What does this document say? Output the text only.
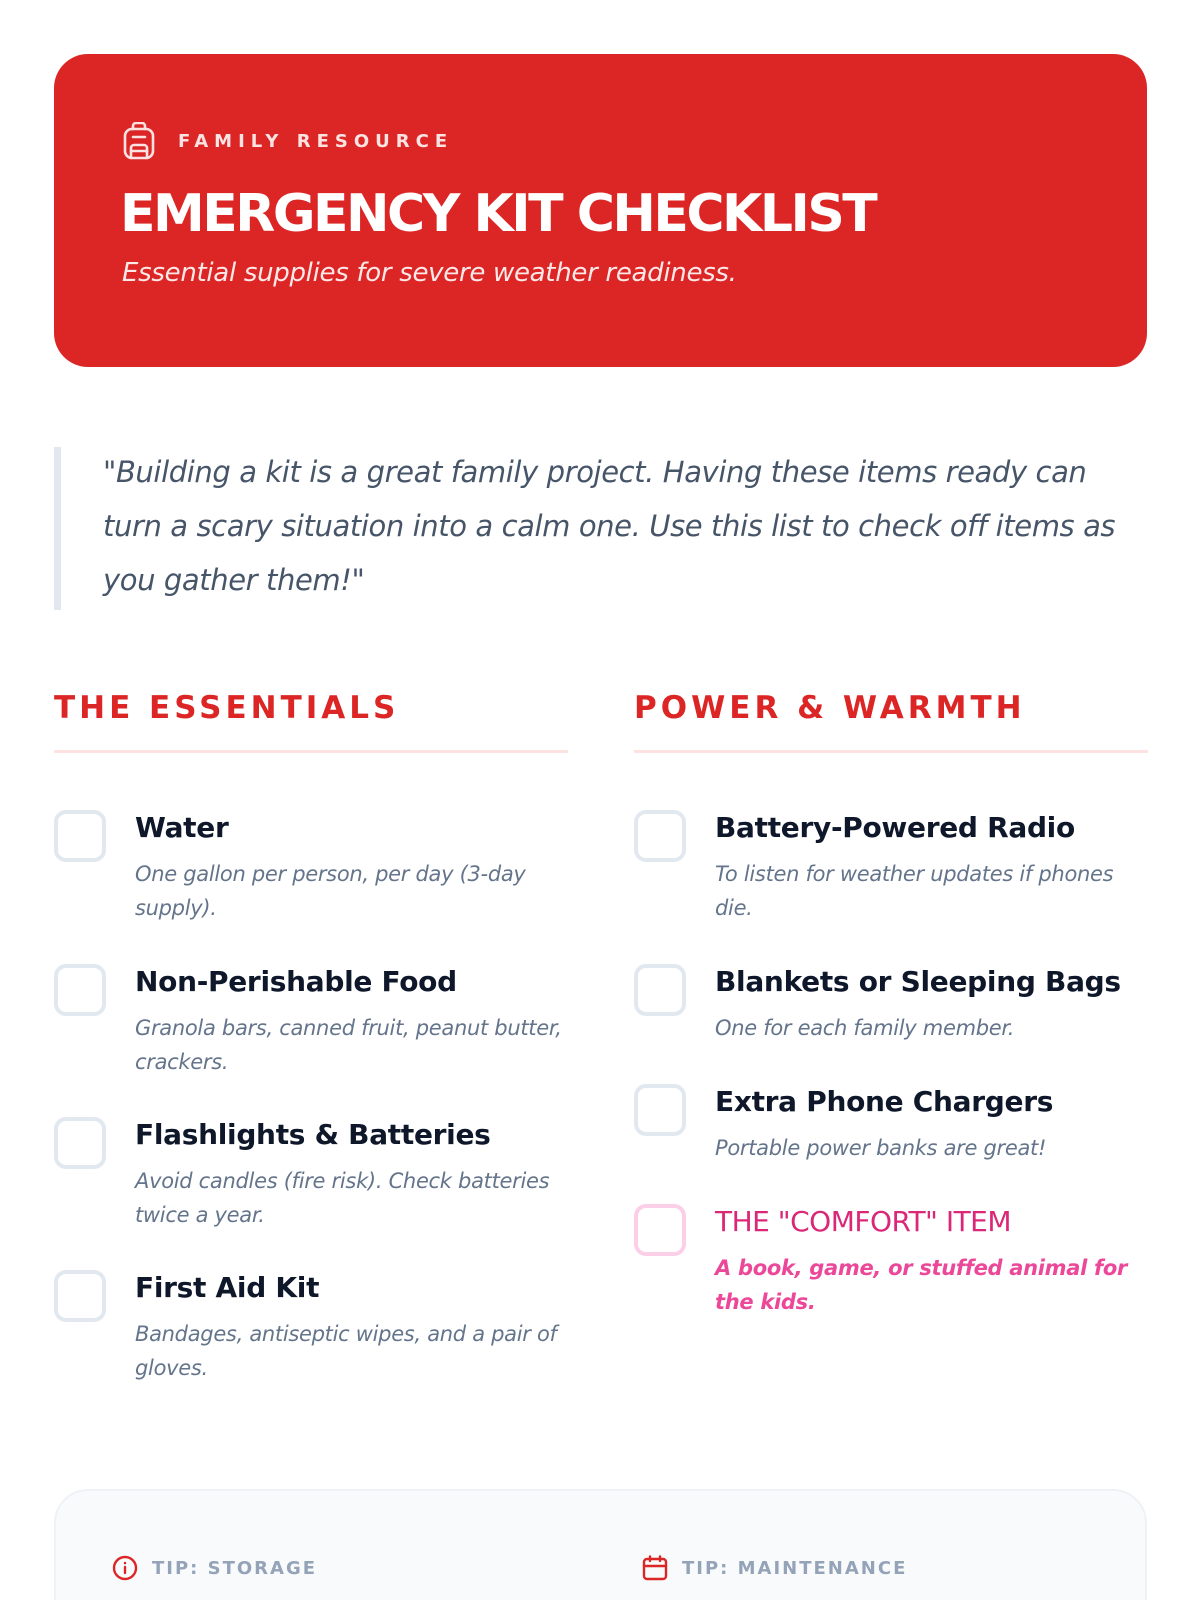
FAMILY RESOURCE
EMERGENCY KIT CHECKLIST

Essential supplies for severe weather readiness.

"Building a kit is a great family project. Having these items ready can turn a scary situation into a calm one. Use this list to check off items as you gather them!"

THE ESSENTIALS
Water
One gallon per person, per day (3-day supply).
Non-Perishable Food
Granola bars, canned fruit, peanut butter, crackers.
Flashlights & Batteries
Avoid candles (fire risk). Check batteries twice a year.
First Aid Kit
Bandages, antiseptic wipes, and a pair of gloves.
POWER & WARMTH
Battery-Powered Radio
To listen for weather updates if phones die.
Blankets or Sleeping Bags
One for each family member.
Extra Phone Chargers
Portable power banks are great!
THE "COMFORT" ITEM
A book, game, or stuffed animal for the kids.
TIP: STORAGE	TIP: MAINTENANCE
